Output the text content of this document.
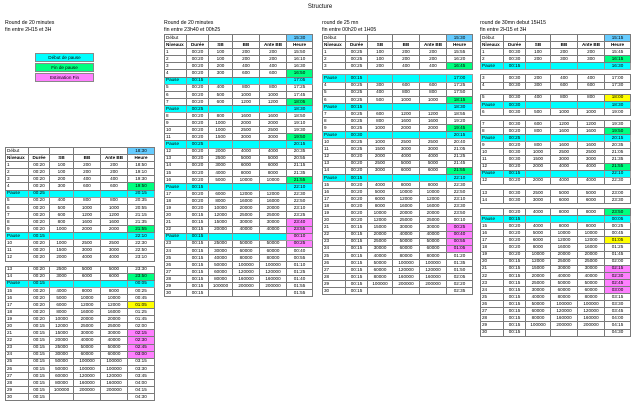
Structure
Début de pause
Fin de pause
Estimation Fin
Round de 20 minutes
fin entre 2H15 et 3H
Début					18:30
Niveaux	Durée	SB	BB	Ante BB	Heure
1	00:20	100	200	200	18:50
2	00:20	100	200	200	19:10
3	00:20	200	400	400	19:30
4	00:20	300	600	600	19:50
Pause	00:25				20:15
5	00:20	400	800	800	20:35
6	00:20	500	1000	1000	20:55
7	00:20	600	1200	1200	21:15
8	00:20	800	1600	1600	21:35
9	00:20	1000	2000	2000	21:55
Pause	00:15				22:10
10	00:20	1000	2500	2500	22:30
11	00:20	1500	3000	3000	22:50
12	00:20	2000	4000	4000	23:10

13	00:20	2500	5000	5000	23:30
14	00:20	3000	6000	6000	23:50
Pause	00:15				00:05
15	00:20	4000	8000	8000	00:25
16	00:20	5000	10000	10000	00:45
17	00:20	6000	12000	12000	01:05
18	00:20	8000	16000	16000	01:25
19	00:20	10000	20000	20000	01:45
20	00:15	12000	25000	25000	02:00
21	00:15	15000	30000	30000	02:15
22	00:15	20000	40000	40000	02:30
23	00:15	25000	50000	50000	02:45
24	00:15	30000	60000	60000	03:00
25	00:15	50000	100000	100000	03:15
26	00:15	50000	100000	100000	03:30
27	00:15	60000	120000	120000	03:45
28	00:15	80000	160000	160000	04:00
29	00:15	100000	200000	200000	04:15
30	00:15				04:30
Round de 20 minutes
fin entre 23h40 et 00h25
Début					15:30
Niveaux	Durée	SB	BB	Ante BB	Heure
1	00:20	100	200	200	15:50
2	00:20	100	200	200	16:10
3	00:20	200	400	400	16:30
4	00:20	300	600	600	16:50
Pause	00:15				17:05
5	00:20	400	800	800	17:25
6	00:20	500	1000	1000	17:45
7	00:20	600	1200	1200	18:05
Pause	00:25				18:30
8	00:20	800	1600	1600	18:50
9	00:20	1000	2000	2000	19:10
10	00:20	1000	2500	2500	19:30
11	00:20	1500	3000	3000	19:50
Pause	00:25				20:15
12	00:20	2000	4000	4000	20:35
13	00:20	2500	5000	5000	20:55
14	00:20	3000	6000	6000	21:15
15	00:20	4000	8000	8000	21:35
16	00:20	5000	10000	10000	21:55
Pause	00:15				22:10
17	00:20	6000	12000	12000	22:30
18	00:20	8000	16000	16000	22:50
19	00:20	10000	20000	20000	23:10
20	00:15	12000	25000	25000	23:25
21	00:15	15000	30000	30000	23:40
22	00:15	20000	40000	40000	23:55
Pause	00:15				00:10
23	00:15	25000	50000	50000	00:25
24	00:15	30000	60000	60000	00:40
25	00:15	40000	80000	80000	00:55
26	00:15	50000	100000	100000	01:10
27	00:15	60000	120000	120000	01:25
28	00:15	80000	160000	160000	01:40
29	00:15	100000	200000	200000	01:55
30	00:15				01:55
round de 25 mn
fin entre 00h20 et 1H05
Début					15:30
Niveaux	Durée	SB	BB	Ante BB	Heure
1	00:25	100	200	200	15:55
2	00:25	100	200	200	16:20
3	00:25	200	400	400	16:45

Pause	00:15				17:00
4	00:25	300	600	600	17:25
5	00:25	400	800	800	17:50
6	00:25	500	1000	1000	18:15
Pause	00:15				18:30
7	00:25	600	1200	1200	18:55
8	00:25	800	1600	1600	19:20
9	00:25	1000	2000	2000	19:45
Pause	00:30				20:15
10	00:25	1000	2500	2500	20:40
11	00:25	1500	3000	3000	21:05
12	00:20	2000	4000	4000	21:25
13	00:20	2500	5000	5000	21:45
14	00:20	3000	6000	6000	21:55
Pause	00:15				22:10
15	00:20	4000	8000	8000	22:30
16	00:20	5000	10000	10000	22:50
17	00:20	6000	12000	12000	23:10
18	00:20	8000	16000	16000	23:30
19	00:20	10000	20000	20000	23:50
20	00:20	12000	25000	25000	00:10
21	00:15	15000	30000	30000	00:25
22	00:15	20000	40000	40000	00:40
23	00:15	25000	50000	50000	00:55
24	00:15	30000	60000	60000	01:05
25	00:15	40000	80000	80000	01:20
26	00:15	50000	100000	100000	01:35
27	00:15	60000	120000	120000	01:50
28	00:15	80000	160000	160000	02:05
29	00:15	100000	200000	200000	02:20
30	00:15				02:35
round de 30mn debut 15H15
fin entre 2H15 et 3H
Début					15:15
Niveaux	Durée	SB	BB	Ante BB	Heure
1	00:30	100	200	200	15:45
2	00:30	200	300	300	16:15
Pause	00:15				16:30

3	00:30	200	400	400	17:00
4	00:30	300	600	600	17:30

5	00:30	400	800	800	18:00
Pause	00:30				18:30
6	00:30	500	1000	1000	19:00

7	00:30	600	1200	1200	19:30
8	00:20	800	1600	1600	19:50
Pause	00:25				20:15
9	00:20	800	1600	1600	20:35
10	00:30	1000	2500	2500	21:05
11	00:30	1500	3000	3000	21:35
12	00:20	2000	4000	4000	21:55
Pause	00:15				22:10
12	00:20	2000	4000	4000	22:30

13	00:30	2500	5000	5000	23:00
14	00:30	3000	6000	6000	23:30

	00:20	4000	8000	8000	23:50
Pause	00:15				00:05
15	00:20	4000	8000	8000	00:25
16	00:20	5000	10000	10000	00:45
17	00:20	6000	12000	12000	01:05
18	00:20	8000	16000	16000	01:25
19	00:20	10000	20000	20000	01:45
20	00:15	12000	25000	25000	02:00
21	00:15	15000	30000	30000	02:15
22	00:15	20000	40000	40000	02:30
23	00:15	25000	50000	50000	02:45
24	00:15	30000	60000	60000	03:00
25	00:15	40000	80000	80000	03:15
26	00:15	50000	100000	100000	03:30
27	00:15	60000	120000	120000	03:45
28	00:15	80000	160000	160000	04:00
29	00:15	100000	200000	200000	04:15
30	00:15				04:30
